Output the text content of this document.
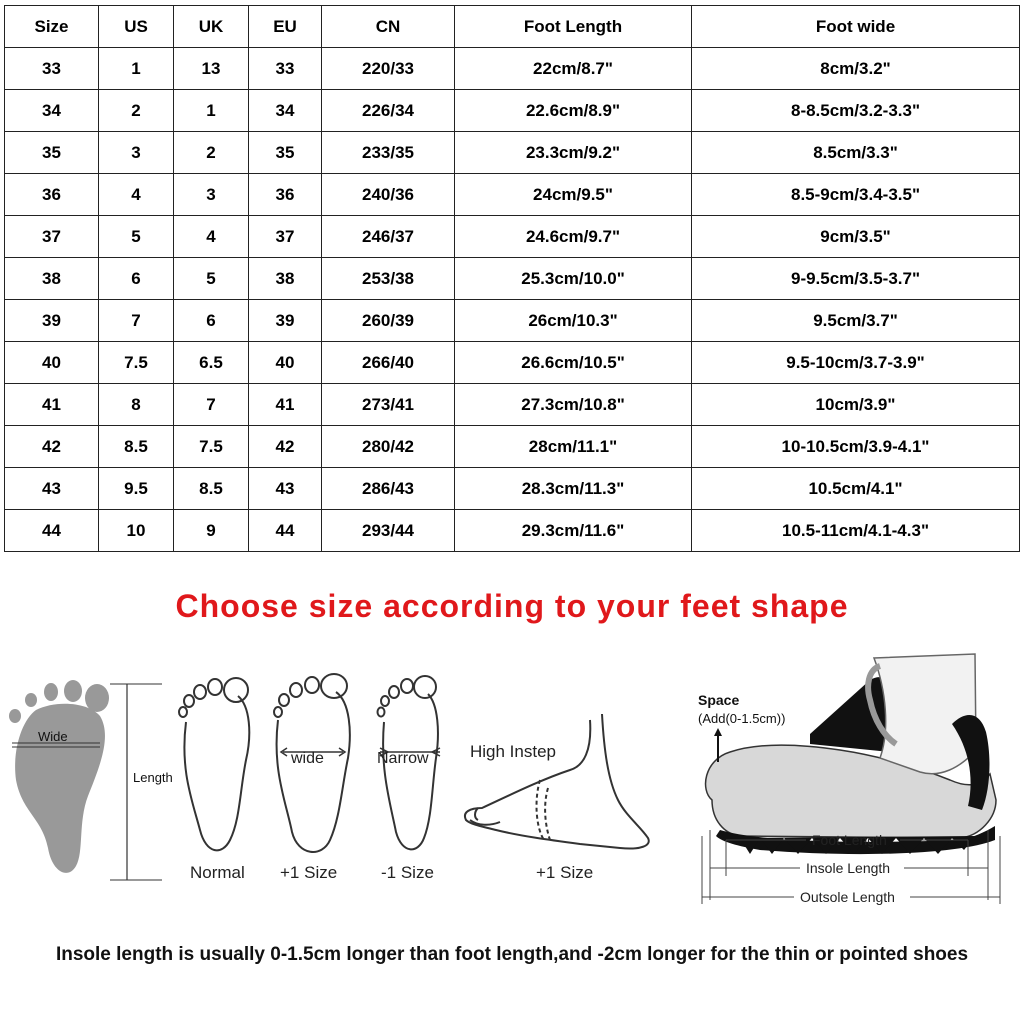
Size	US	UK	EU	CN	Foot Length	Foot wide
33	1	13	33	220/33	22cm/8.7"	8cm/3.2"
34	2	1	34	226/34	22.6cm/8.9"	8-8.5cm/3.2-3.3"
35	3	2	35	233/35	23.3cm/9.2"	8.5cm/3.3"
36	4	3	36	240/36	24cm/9.5"	8.5-9cm/3.4-3.5"
37	5	4	37	246/37	24.6cm/9.7"	9cm/3.5"
38	6	5	38	253/38	25.3cm/10.0"	9-9.5cm/3.5-3.7"
39	7	6	39	260/39	26cm/10.3"	9.5cm/3.7"
40	7.5	6.5	40	266/40	26.6cm/10.5"	9.5-10cm/3.7-3.9"
41	8	7	41	273/41	27.3cm/10.8"	10cm/3.9"
42	8.5	7.5	42	280/42	28cm/11.1"	10-10.5cm/3.9-4.1"
43	9.5	8.5	43	286/43	28.3cm/11.3"	10.5cm/4.1"
44	10	9	44	293/44	29.3cm/11.6"	10.5-11cm/4.1-4.3"
Choose size according to your feet shape
Wide
Length
Normal
wide
+1 Size
Narrow
-1 Size
High Instep
+1 Size
Space
(Add(0-1.5cm))
Foot Length
Insole Length
Outsole Length
Insole length is usually 0-1.5cm longer than foot length,and -2cm longer for the thin or pointed shoes
